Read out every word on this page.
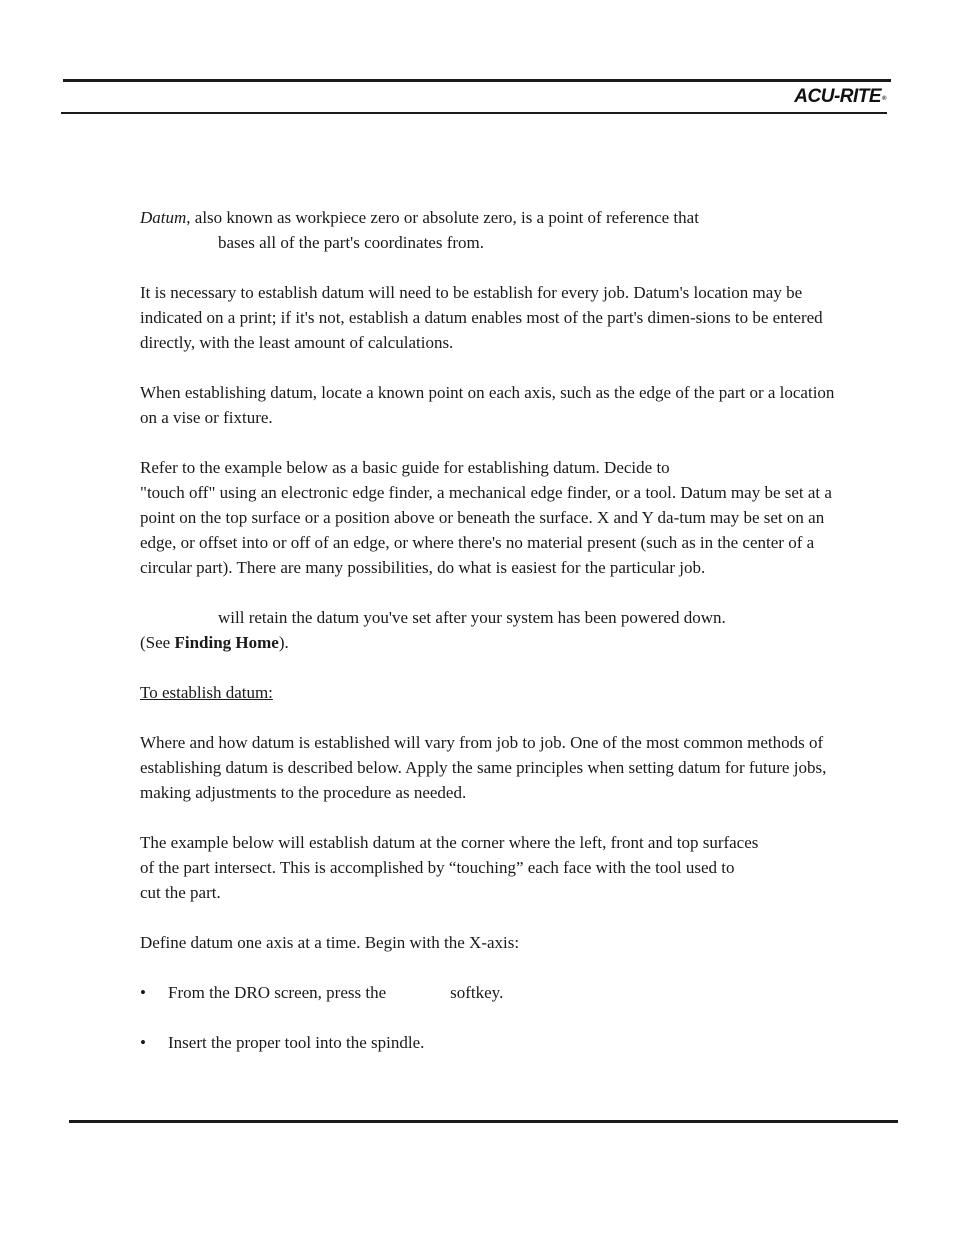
ACU-RITE®

Datum, also known as workpiece zero or absolute zero, is a point of reference that
bases all of the part's coordinates from.

It is necessary to establish datum will need to be establish for every job. Datum's location may be indicated on a print; if it's not, establish a datum enables most of the part's dimen-sions to be entered directly, with the least amount of calculations.

When establishing datum, locate a known point on each axis, such as the edge of the part or a location on a vise or fixture.

Refer to the example below as a basic guide for establishing datum. Decide to
"touch off" using an electronic edge finder, a mechanical edge finder, or a tool. Datum may be set at a point on the top surface or a position above or beneath the surface. X and Y da-tum may be set on an edge, or offset into or off of an edge, or where there's no material present (such as in the center of a circular part). There are many possibilities, do what is easiest for the particular job.

will retain the datum you've set after your system has been powered down.
(See Finding Home).

To establish datum:

Where and how datum is established will vary from job to job. One of the most common methods of establishing datum is described below. Apply the same principles when setting datum for future jobs, making adjustments to the procedure as needed.

The example below will establish datum at the corner where the left, front and top surfaces
of the part intersect. This is accomplished by “touching” each face with the tool used to
cut the part.

Define datum one axis at a time. Begin with the X-axis:

• From the DRO screen, press the	softkey.
• Insert the proper tool into the spindle.
